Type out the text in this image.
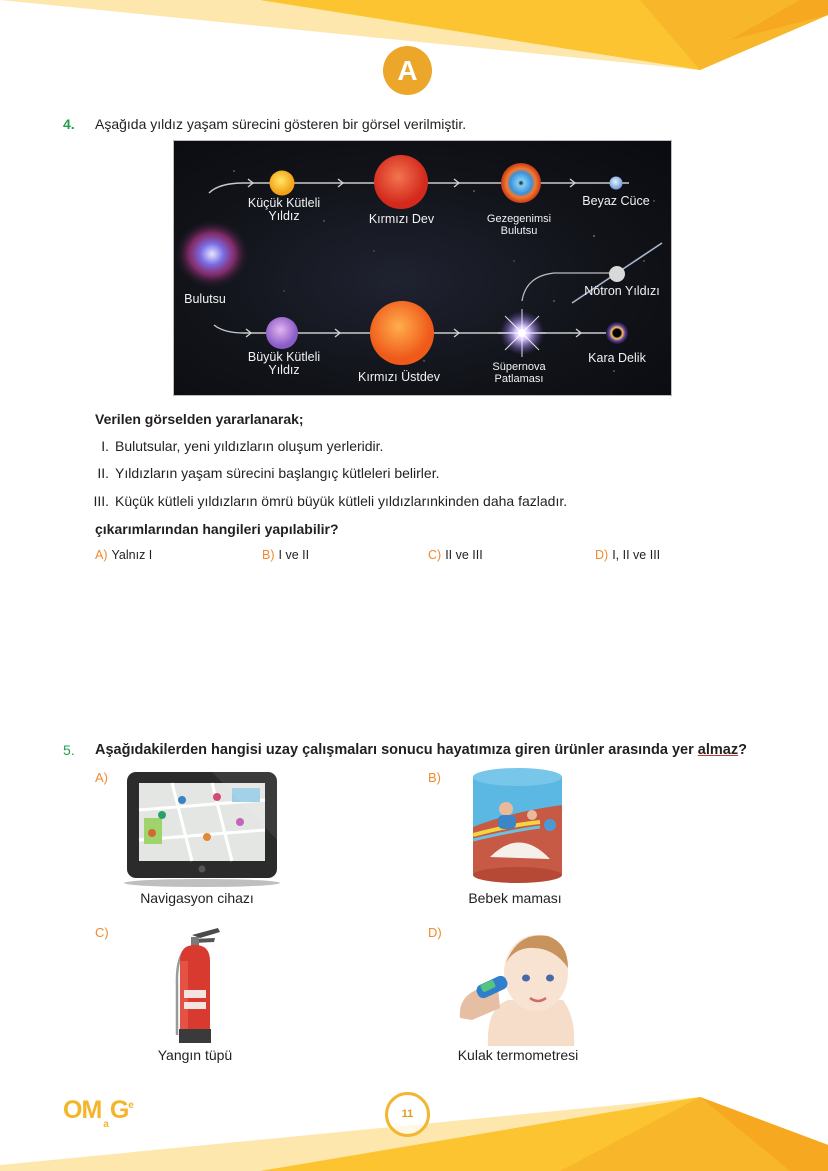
A
4. Aşağıda yıldız yaşam sürecini gösteren bir görsel verilmiştir.
Küçük Kütleli
Yıldız	Kırmızı Dev	Gezegenimsi
Bulutsu
Beyaz Cüce
Bulutsu
Nötron Yıldızı
Büyük Kütleli
Yıldız	Kırmızı Üstdev
Süpernova
Patlaması
Kara Delik
Verilen görselden yararlanarak;
I. Bulutsular, yeni yıldızların oluşum yerleridir.
II. Yıldızların yaşam sürecini başlangıç kütleleri belirler.
III. Küçük kütleli yıldızların ömrü büyük kütleli yıldızlarınkinden daha fazladır.
çıkarımlarından hangileri yapılabilir?
A) Yalnız I	B) I ve II	C) II ve III	D) I, II ve III
5. Aşağıdakilerden hangisi uzay çalışmaları sonucu hayatımıza giren ürünler arasında yer almaz?
A)
Navigasyon cihazı
B)
Bebek maması
C)
Yangın tüpü
D)
Kulak termometresi
$OM_aG^e$
11
